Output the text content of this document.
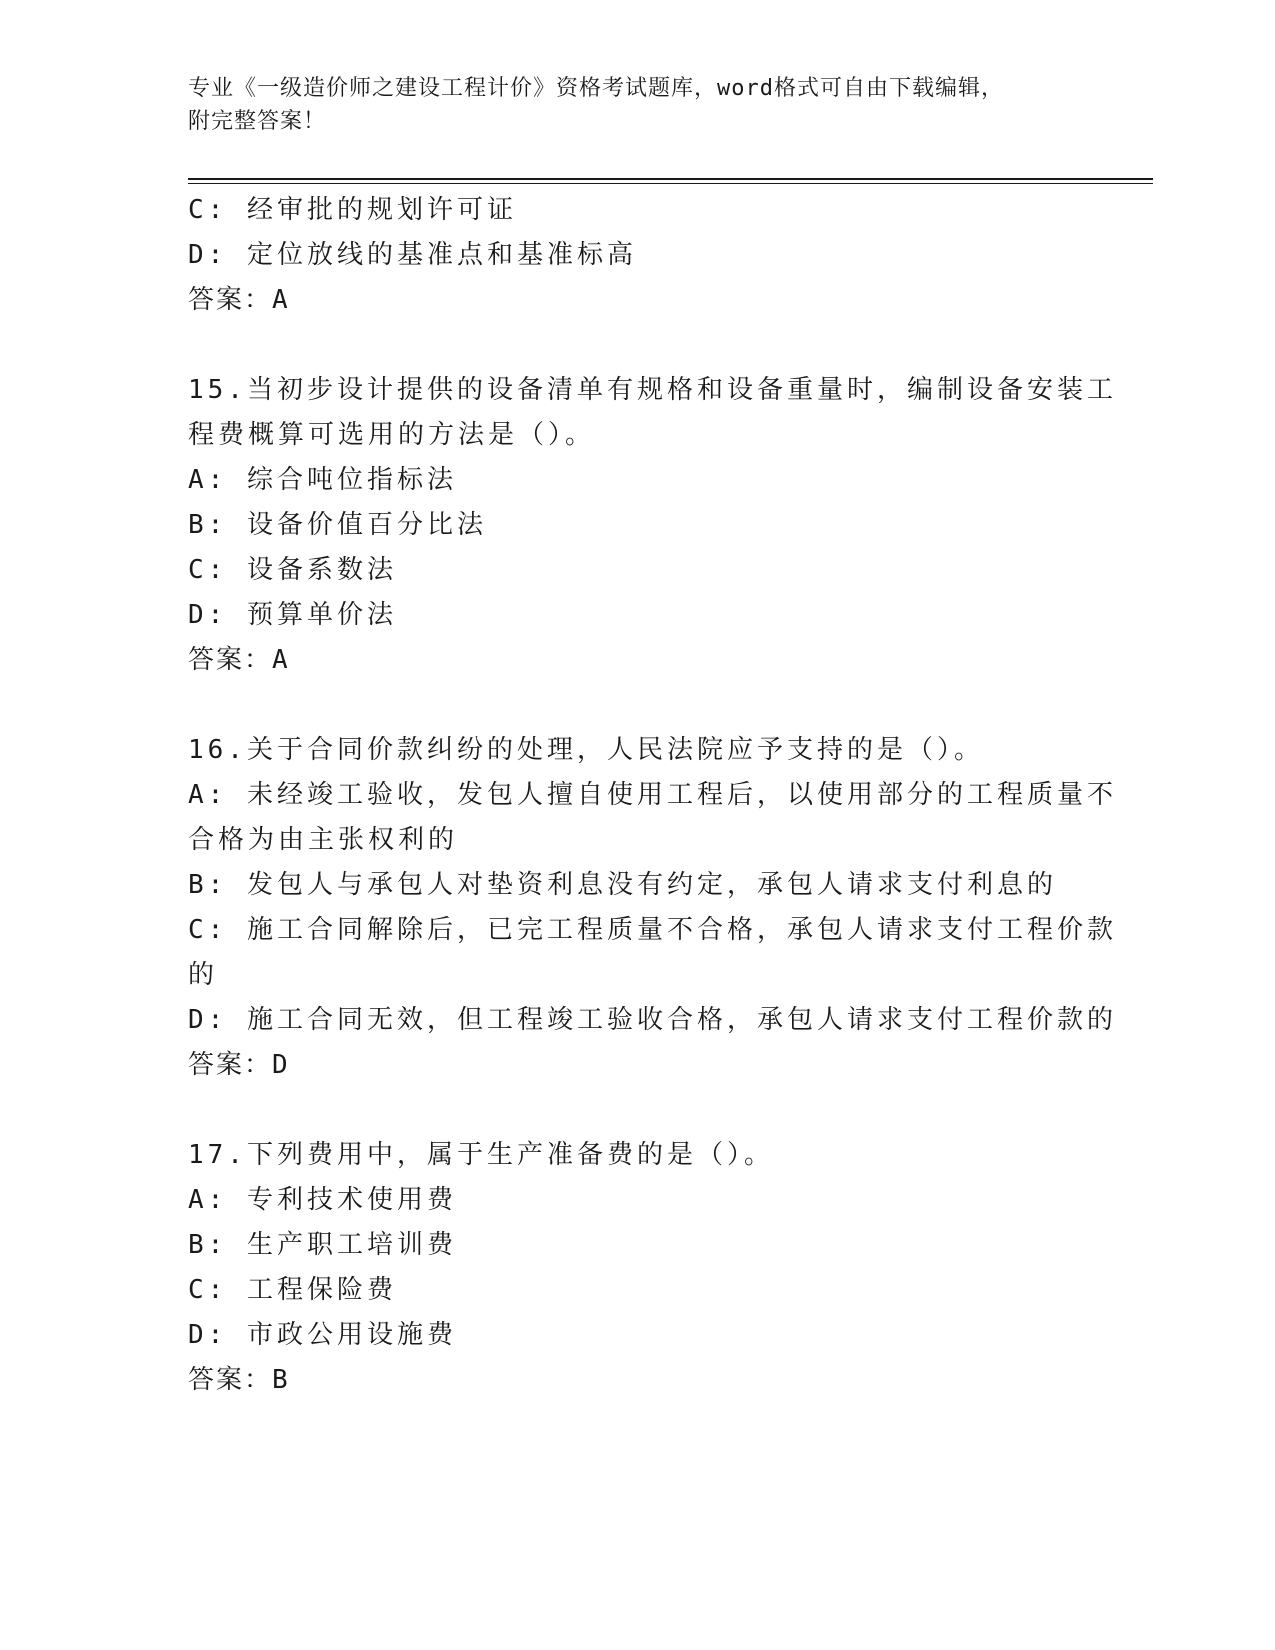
专业《一级造价师之建设工程计价》资格考试题库，word格式可自由下载编辑，
附完整答案！
C: 经审批的规划许可证
D: 定位放线的基准点和基准标高
答案：A
15.当初步设计提供的设备清单有规格和设备重量时，编制设备安装工
程费概算可选用的方法是（）。
A: 综合吨位指标法
B: 设备价值百分比法
C: 设备系数法
D: 预算单价法
答案：A
16.关于合同价款纠纷的处理，人民法院应予支持的是（）。
A: 未经竣工验收，发包人擅自使用工程后，以使用部分的工程质量不
合格为由主张权利的
B: 发包人与承包人对垫资利息没有约定，承包人请求支付利息的
C: 施工合同解除后，已完工程质量不合格，承包人请求支付工程价款
的
D: 施工合同无效，但工程竣工验收合格，承包人请求支付工程价款的
答案：D
17.下列费用中，属于生产准备费的是（）。
A: 专利技术使用费
B: 生产职工培训费
C: 工程保险费
D: 市政公用设施费
答案：B
